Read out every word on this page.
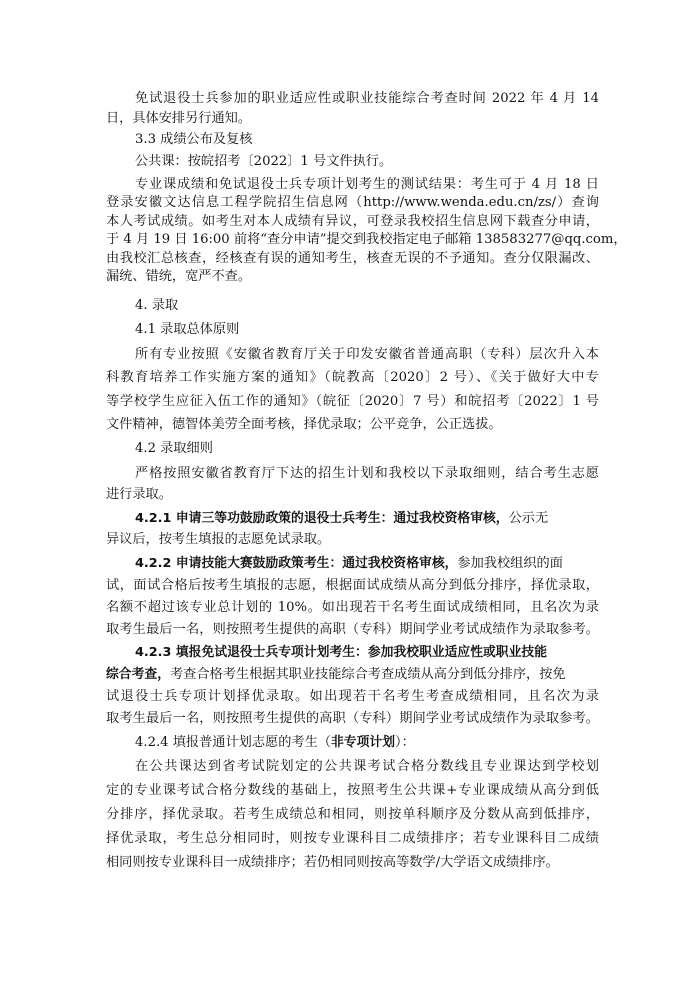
免试退役士兵参加的职业适应性或职业技能综合考查时间 2022 年 4 月 14
日，具体安排另行通知。
3.3 成绩公布及复核
公共课：按皖招考〔2022〕1 号文件执行。
专业课成绩和免试退役士兵专项计划考生的测试结果：考生可于 4 月 18 日
登录安徽文达信息工程学院招生信息网（http://www.wenda.edu.cn/zs/）查询
本人考试成绩。如考生对本人成绩有异议，可登录我校招生信息网下载查分申请，
于 4 月 19 日 16:00 前将“查分申请”提交到我校指定电子邮箱 138583277@qq.com，
由我校汇总核查，经核查有误的通知考生，核查无误的不予通知。查分仅限漏改、
漏统、错统，宽严不查。
4. 录取
4.1 录取总体原则
所有专业按照《安徽省教育厅关于印发安徽省普通高职（专科）层次升入本
科教育培养工作实施方案的通知》（皖教高〔2020〕2 号）、《关于做好大中专
等学校学生应征入伍工作的通知》（皖征〔2020〕7 号）和皖招考〔2022〕1 号
文件精神，德智体美劳全面考核，择优录取；公平竞争，公正选拔。
4.2 录取细则
严格按照安徽省教育厅下达的招生计划和我校以下录取细则，结合考生志愿
进行录取。
4.2.1 申请三等功鼓励政策的退役士兵考生：通过我校资格审核，公示无
异议后，按考生填报的志愿免试录取。
4.2.2 申请技能大赛鼓励政策考生：通过我校资格审核，参加我校组织的面
试，面试合格后按考生填报的志愿，根据面试成绩从高分到低分排序，择优录取，
名额不超过该专业总计划的 10%。如出现若干名考生面试成绩相同，且名次为录
取考生最后一名，则按照考生提供的高职（专科）期间学业考试成绩作为录取参考。
4.2.3 填报免试退役士兵专项计划考生：参加我校职业适应性或职业技能
综合考查，考查合格考生根据其职业技能综合考查成绩从高分到低分排序，按免
试退役士兵专项计划择优录取。如出现若干名考生考查成绩相同，且名次为录
取考生最后一名，则按照考生提供的高职（专科）期间学业考试成绩作为录取参考。
4.2.4 填报普通计划志愿的考生（非专项计划）：
在公共课达到省考试院划定的公共课考试合格分数线且专业课达到学校划
定的专业课考试合格分数线的基础上，按照考生公共课+专业课成绩从高分到低
分排序，择优录取。若考生成绩总和相同，则按单科顺序及分数从高到低排序，
择优录取，考生总分相同时，则按专业课科目二成绩排序；若专业课科目二成绩
相同则按专业课科目一成绩排序；若仍相同则按高等数学/大学语文成绩排序。
